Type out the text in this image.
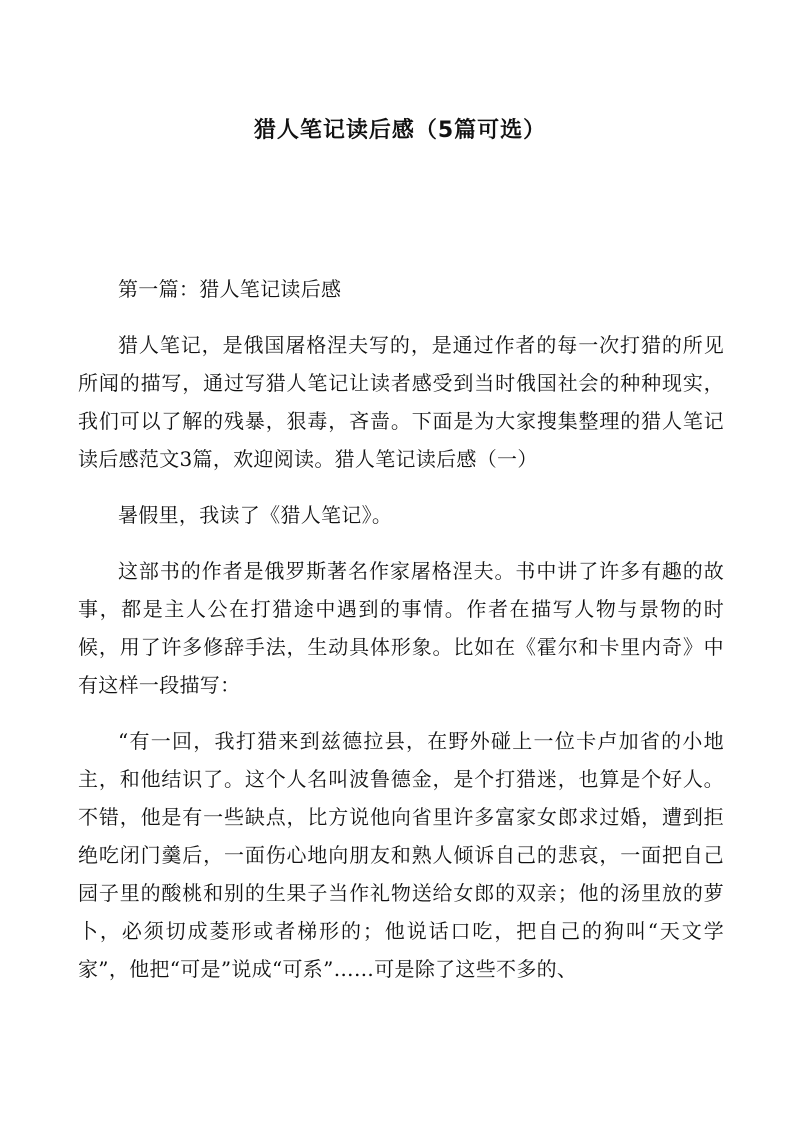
猎人笔记读后感（5篇可选）

第一篇：猎人笔记读后感

猎人笔记，是俄国屠格涅夫写的，是通过作者的每一次打猎的所见所闻的描写，通过写猎人笔记让读者感受到当时俄国社会的种种现实，我们可以了解的残暴，狠毒，吝啬。下面是为大家搜集整理的猎人笔记读后感范文3篇，欢迎阅读。猎人笔记读后感（一）

暑假里，我读了《猎人笔记》。

这部书的作者是俄罗斯著名作家屠格涅夫。书中讲了许多有趣的故事，都是主人公在打猎途中遇到的事情。作者在描写人物与景物的时候，用了许多修辞手法，生动具体形象。比如在《霍尔和卡里内奇》中有这样一段描写：

“有一回，我打猎来到兹德拉县，在野外碰上一位卡卢加省的小地主，和他结识了。这个人名叫波鲁德金，是个打猎迷，也算是个好人。不错，他是有一些缺点，比方说他向省里许多富家女郎求过婚，遭到拒绝吃闭门羹后，一面伤心地向朋友和熟人倾诉自己的悲哀，一面把自己园子里的酸桃和别的生果子当作礼物送给女郎的双亲；他的汤里放的萝卜，必须切成菱形或者梯形的；他说话口吃，把自己的狗叫“天文学家”，他把“可是”说成“可系”……可是除了这些不多的、
